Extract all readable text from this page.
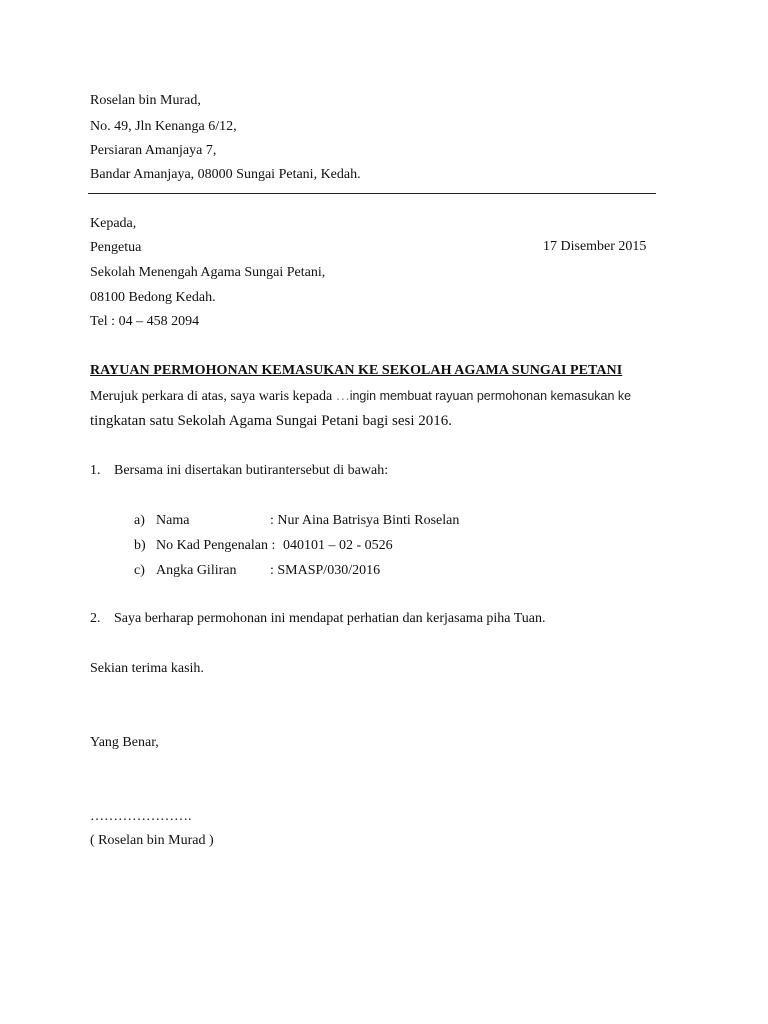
Roselan bin Murad,
No. 49, Jln Kenanga 6/12,
Persiaran Amanjaya 7,
Bandar Amanjaya, 08000 Sungai Petani, Kedah.
Kepada,
Pengetua	17 Disember 2015
Sekolah Menengah Agama Sungai Petani,
08100 Bedong Kedah.
Tel : 04 – 458 2094
RAYUAN PERMOHONAN KEMASUKAN KE SEKOLAH AGAMA SUNGAI PETANI
Merujuk perkara di atas, saya waris kepada …ingin membuat rayuan permohonan kemasukan ke
tingkatan satu Sekolah Agama Sungai Petani bagi sesi 2016.
1. Bersama ini disertakan butirantersebut di bawah:
a) Nama	: Nur Aina Batrisya Binti Roselan
b) No Kad Pengenalan : 040101 – 02 - 0526
c) Angka Giliran : SMASP/030/2016
2. Saya berharap permohonan ini mendapat perhatian dan kerjasama piha Tuan.
Sekian terima kasih.
Yang Benar,
………………….
( Roselan bin Murad )
